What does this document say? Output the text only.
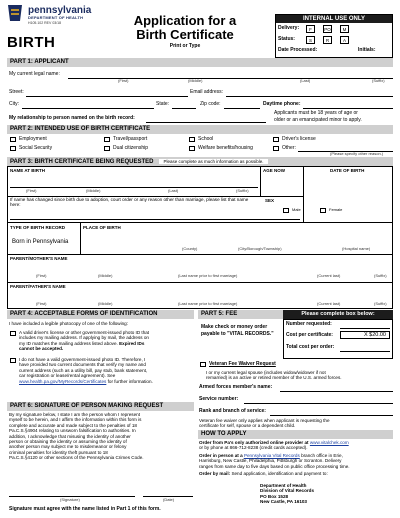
pennsylvania
DEPARTMENT OF HEALTH
H105.102 REV 03/18
BIRTH
Application for a
Birth Certificate
Print or Type
INTERNAL USE ONLY
Delivery:	F	PO	M
Status:	S	R	A
Date Processed:	Initials:
PART 1: APPLICANT
My current legal name:
(First)	(Middle)	(Last)	(Suffix)
Street:	Email address:
City:	State:	Zip code:	Daytime phone:
My relationship to person named on the birth record:
Applicants must be 18 years of age or
older or an emancipated minor to apply.
PART 2: INTENDED USE OF BIRTH CERTIFICATE
Employment
Social Security
Travel/passport
Dual citizenship
School
Welfare benefits/housing
Driver's license
Other:
(Please specify other reason.)
PART 3: BIRTH CERTIFICATE BEING REQUESTED Please complete as much information as possible.
NAME AT BIRTH	AGE NOW	DATE OF BIRTH
(First)	(Middle)	(Last)	(Suffix)
If name has changed since birth due to adoption, court order or any reason other than marriage, please list that name here:
SEX
Male	Female
TYPE OF BIRTH RECORD
Born in Pennsylvania
PLACE OF BIRTH
(County)	(City/Borough/Township)	(Hospital name)
PARENT/MOTHER'S NAME
(First)	(Middle)	(Last name prior to first marriage)	(Current last)	(Suffix)
PARENT/FATHER'S NAME
(First)	(Middle)	(Last name prior to first marriage)	(Current last)	(Suffix)
PART 4: ACCEPTABLE FORMS OF IDENTIFICATION
I have included a legible photocopy of one of the following:
A valid driver's license or other government-issued photo ID that
includes my mailing address. If applying by mail, the address on
my ID matches the mailing address listed above. Expired IDs
cannot be accepted.
I do not have a valid government-issued photo ID. Therefore, I
have provided two current documents that verify my name and
current address (such as a utility bill, pay stub, bank statement,
car registration or lease/rental agreement). See
www.health.pa.gov/MyRecords/Certificates for further information.
PART 6: SIGNATURE OF PERSON MAKING REQUEST
By my signature below, I state I am the person whom I represent
myself to be herein, and I affirm the information within this form is
complete and accurate and made subject to the penalties of 18
Pa.C.S.§4904 relating to unsworn falsification to authorities. In
addition, I acknowledge that misusing the identity of another
person or obtaining the identity or assuming the identity of
another person may subject me to misdemeanor or felony
criminal penalties for identity theft pursuant to 18
Pa.C.S.§4120 or other sections of the Pennsylvania Crimes Code.
(Signature)	(Date)
Signature must agree with the name listed in Part 1 of this form.
PART 5: FEE	Please complete box below:
Make check or money order
payable to "VITAL RECORDS."
Number requested:
Cost per certificate:	X $20.00
Total cost per order:
Veteran Fee Waiver Request
I or my current legal spouse (includes widow/widower if not
remarried) is an active or retired member of the U.S. armed forces.
Armed forces member's name:
Service number:
Rank and branch of service:
Veteran fee waiver only applies when applicant is requesting the
certificate for self, spouse or a dependent child.
HOW TO APPLY
Order from Pa's only authorized online provider at www.vitalchek.com
or by phone at 866-712-8238 (credit cards accepted).
Order in person at a Pennsylvania Vital Records branch office in Erie,
Harrisburg, New Castle, Philadelphia, Pittsburgh or Scranton. Delivery
ranges from same day to five days based on public office processing time.
Order by mail: Send application, identification and payment to:
Department of Health
Division of Vital Records
PO Box 1528
New Castle, PA 16103
